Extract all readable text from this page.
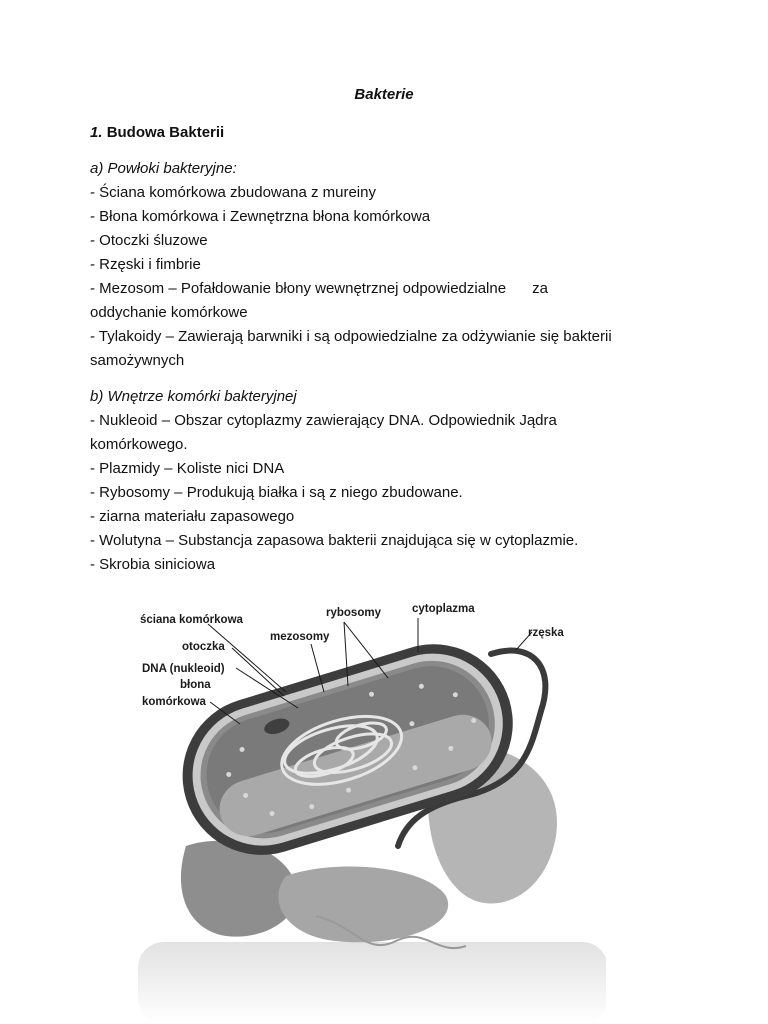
Bakterie
1. Budowa Bakterii
a) Powłoki bakteryjne:
- Ściana komórkowa zbudowana z mureiny
- Błona komórkowa i Zewnętrzna błona komórkowa
- Otoczki śluzowe
- Rzęski i fimbrie
- Mezosom – Pofałdowanie błony wewnętrznej odpowiedzialne za
oddychanie komórkowe
- Tylakoidy – Zawierają barwniki i są odpowiedzialne za odżywianie się bakterii samożywnych
b) Wnętrze komórki bakteryjnej
- Nukleoid – Obszar cytoplazmy zawierający DNA. Odpowiednik Jądra komórkowego.
- Plazmidy – Koliste nici DNA
- Rybosomy – Produkują białka i są z niego zbudowane.
- ziarna materiału zapasowego
- Wolutyna – Substancja zapasowa bakterii znajdująca się w cytoplazmie.
- Skrobia siniciowa
ściana komórkowa
rybosomy	cytoplazma
rzęska
otoczka
mezosomy
DNA (nukleoid)
błona
komórkowa
